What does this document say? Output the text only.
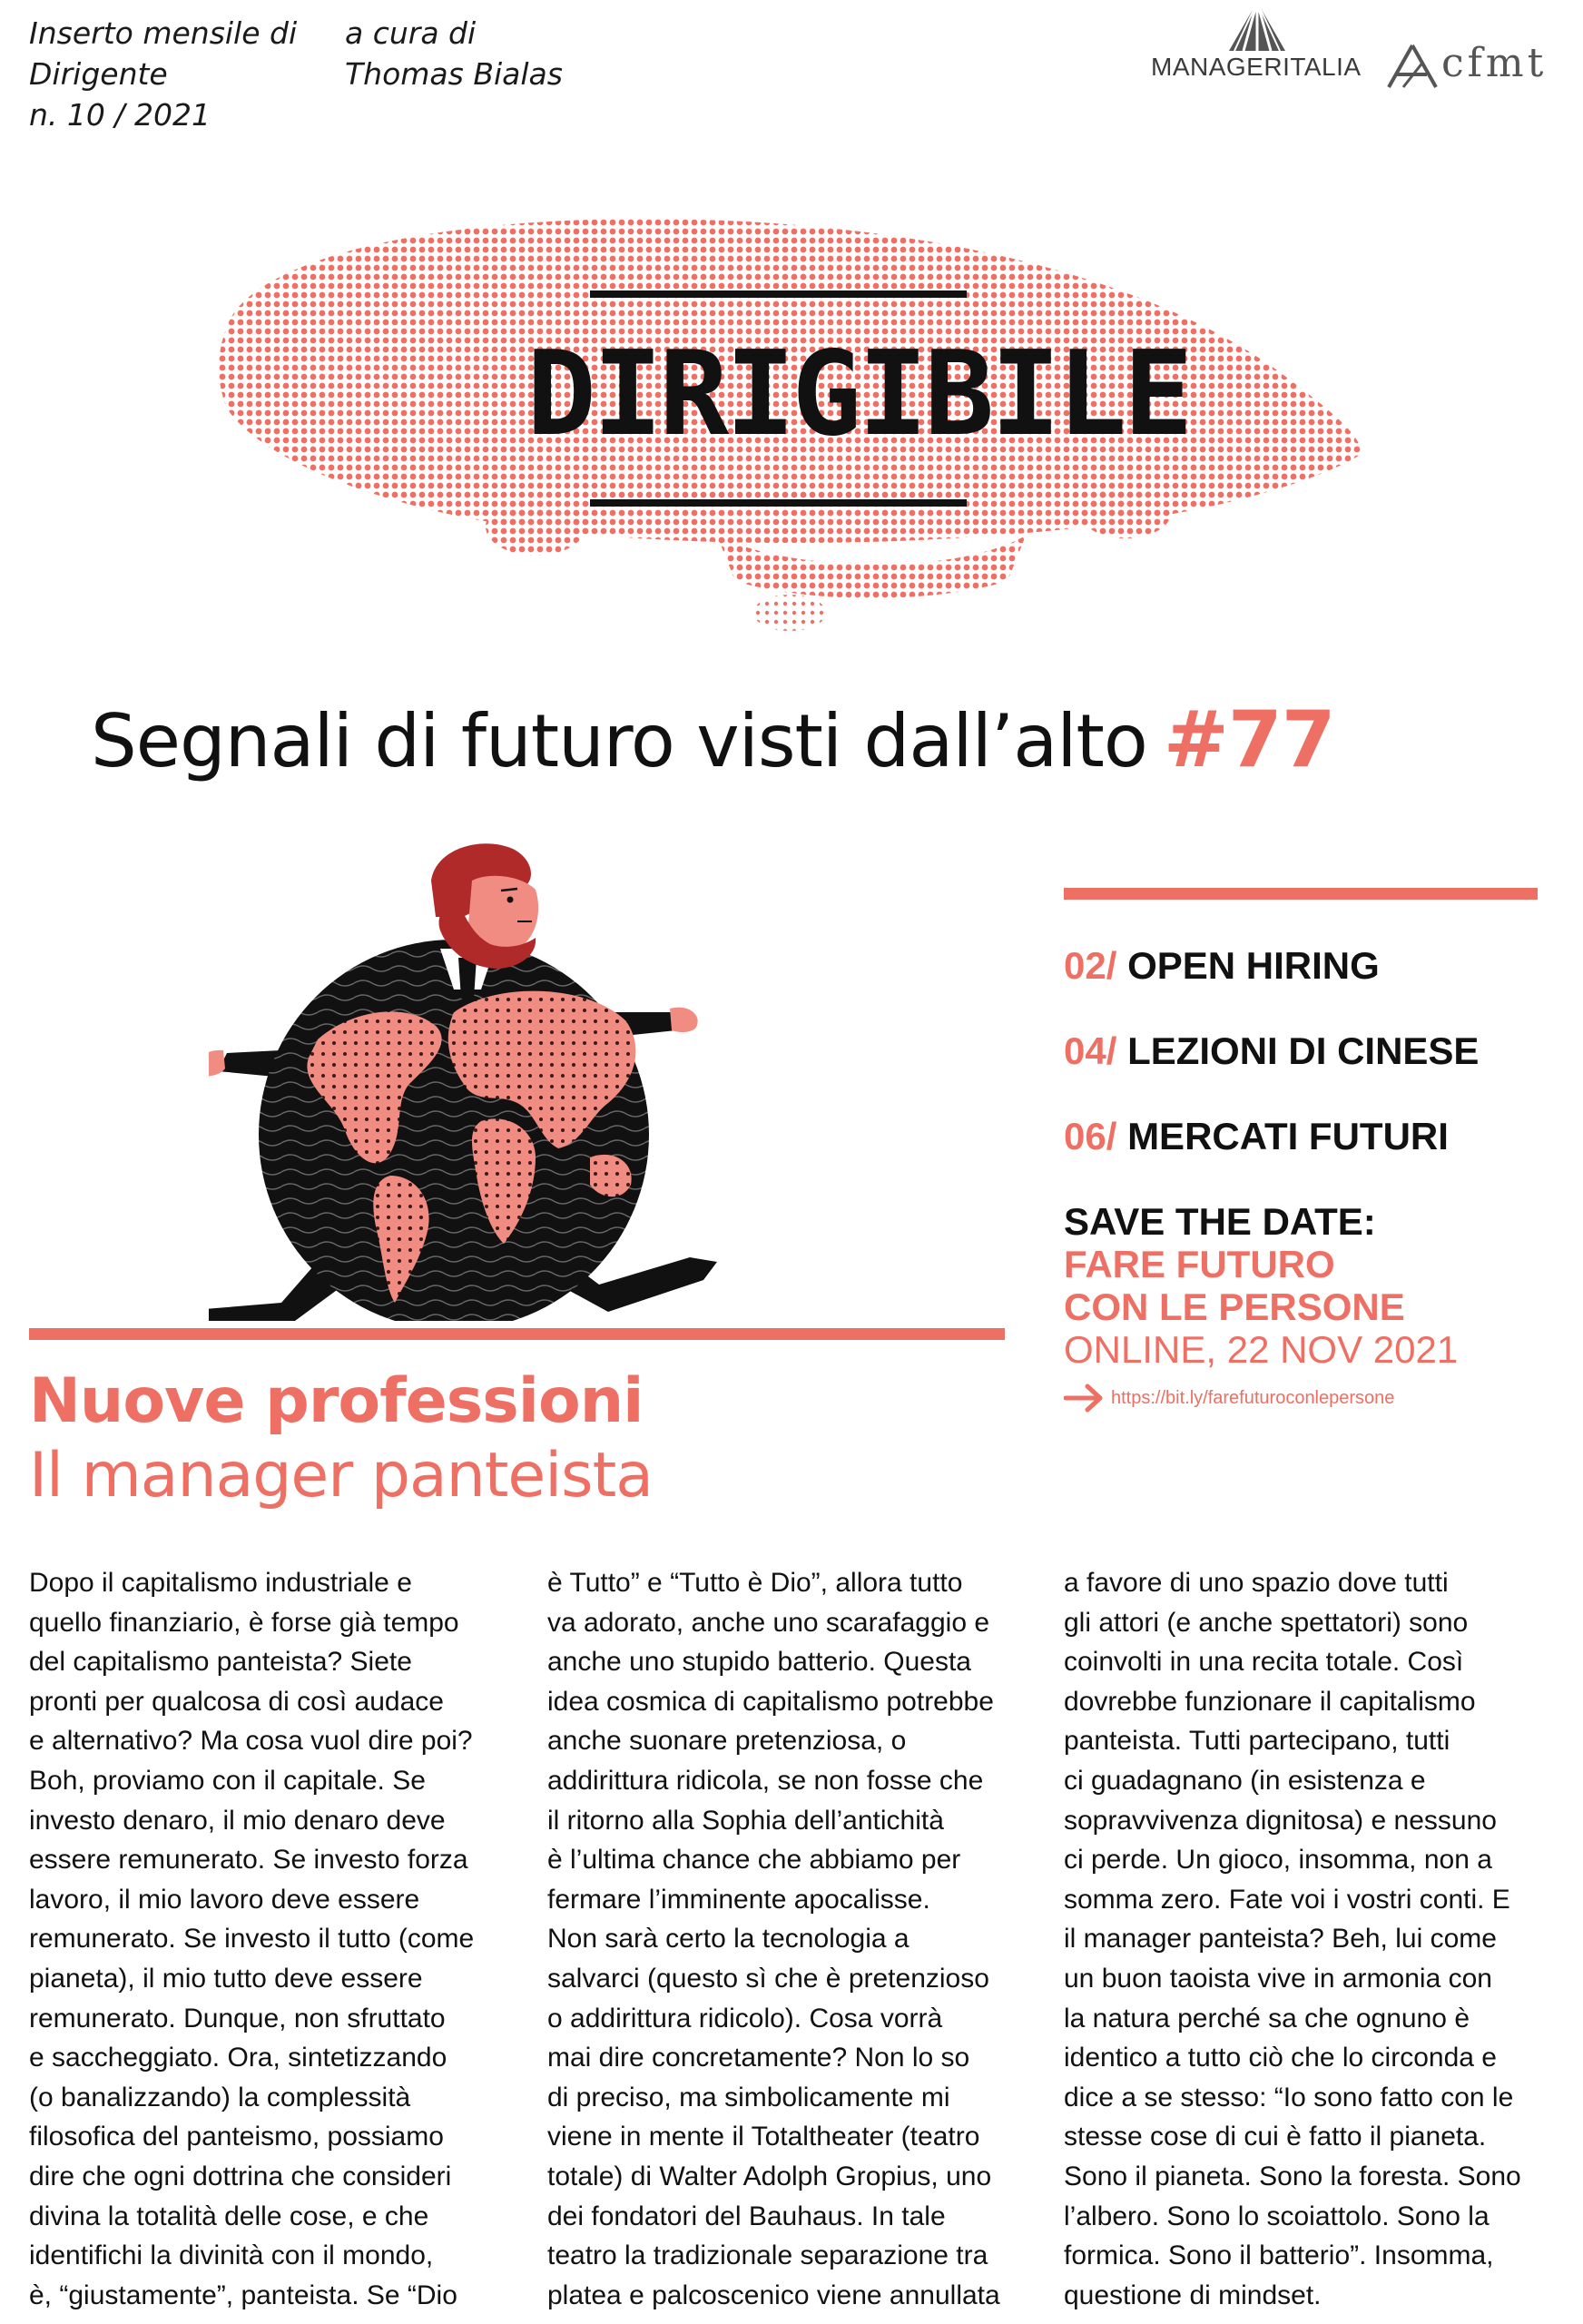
Inserto mensile di
Dirigente
n. 10 / 2021
a cura di
Thomas Bialas	MANAGERITALIA cfmt
DIRIGIBILE
Segnali di futuro visti dall’alto #77
02/ OPEN HIRING
04/ LEZIONI DI CINESE
06/ MERCATI FUTURI
SAVE THE DATE:
FARE FUTURO
CON LE PERSONE
ONLINE, 22 NOV 2021
https://bit.ly/farefuturoconlepersone
Nuove professioni
Il manager panteista
Dopo il capitalismo industriale e
quello finanziario, è forse già tempo
del capitalismo panteista? Siete
pronti per qualcosa di così audace
e alternativo? Ma cosa vuol dire poi?
Boh, proviamo con il capitale. Se
investo denaro, il mio denaro deve
essere remunerato. Se investo forza
lavoro, il mio lavoro deve essere
remunerato. Se investo il tutto (come
pianeta), il mio tutto deve essere
remunerato. Dunque, non sfruttato
e saccheggiato. Ora, sintetizzando
(o banalizzando) la complessità
filosofica del panteismo, possiamo
dire che ogni dottrina che consideri
divina la totalità delle cose, e che
identifichi la divinità con il mondo,
è, “giustamente”, panteista. Se “Dio
è Tutto” e “Tutto è Dio”, allora tutto
va adorato, anche uno scarafaggio e
anche uno stupido batterio. Questa
idea cosmica di capitalismo potrebbe
anche suonare pretenziosa, o
addirittura ridicola, se non fosse che
il ritorno alla Sophia dell’antichità
è l’ultima chance che abbiamo per
fermare l’imminente apocalisse.
Non sarà certo la tecnologia a
salvarci (questo sì che è pretenzioso
o addirittura ridicolo). Cosa vorrà
mai dire concretamente? Non lo so
di preciso, ma simbolicamente mi
viene in mente il Totaltheater (teatro
totale) di Walter Adolph Gropius, uno
dei fondatori del Bauhaus. In tale
teatro la tradizionale separazione tra
platea e palcoscenico viene annullata
a favore di uno spazio dove tutti
gli attori (e anche spettatori) sono
coinvolti in una recita totale. Così
dovrebbe funzionare il capitalismo
panteista. Tutti partecipano, tutti
ci guadagnano (in esistenza e
sopravvivenza dignitosa) e nessuno
ci perde. Un gioco, insomma, non a
somma zero. Fate voi i vostri conti. E
il manager panteista? Beh, lui come
un buon taoista vive in armonia con
la natura perché sa che ognuno è
identico a tutto ciò che lo circonda e
dice a se stesso: “Io sono fatto con le
stesse cose di cui è fatto il pianeta.
Sono il pianeta. Sono la foresta. Sono
l’albero. Sono lo scoiattolo. Sono la
formica. Sono il batterio”. Insomma,
questione di mindset.
